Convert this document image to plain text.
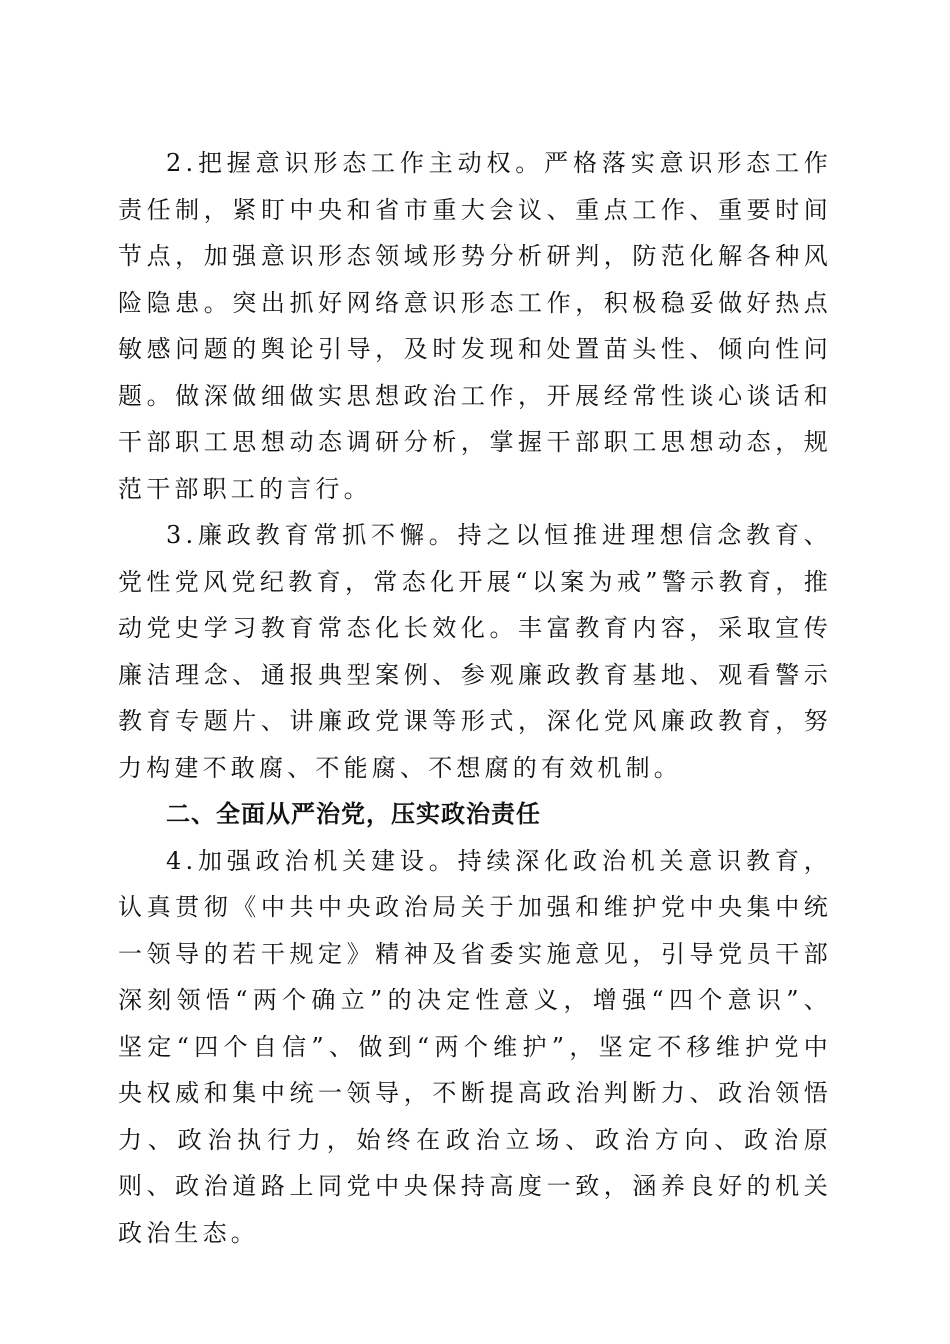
2.把握意识形态工作主动权。严格落实意识形态工作责任制，紧盯中央和省市重大会议、重点工作、重要时间节点，加强意识形态领域形势分析研判，防范化解各种风险隐患。突出抓好网络意识形态工作，积极稳妥做好热点敏感问题的舆论引导，及时发现和处置苗头性、倾向性问题。做深做细做实思想政治工作，开展经常性谈心谈话和干部职工思想动态调研分析，掌握干部职工思想动态，规范干部职工的言行。

3.廉政教育常抓不懈。持之以恒推进理想信念教育、党性党风党纪教育，常态化开展“以案为戒”警示教育，推动党史学习教育常态化长效化。丰富教育内容，采取宣传廉洁理念、通报典型案例、参观廉政教育基地、观看警示教育专题片、讲廉政党课等形式，深化党风廉政教育，努力构建不敢腐、不能腐、不想腐的有效机制。

二、全面从严治党，压实政治责任

4.加强政治机关建设。持续深化政治机关意识教育，认真贯彻《中共中央政治局关于加强和维护党中央集中统一领导的若干规定》精神及省委实施意见，引导党员干部深刻领悟“两个确立”的决定性意义，增强“四个意识”、坚定“四个自信”、做到“两个维护”，坚定不移维护党中央权威和集中统一领导，不断提高政治判断力、政治领悟力、政治执行力，始终在政治立场、政治方向、政治原则、政治道路上同党中央保持高度一致，涵养良好的机关政治生态。
